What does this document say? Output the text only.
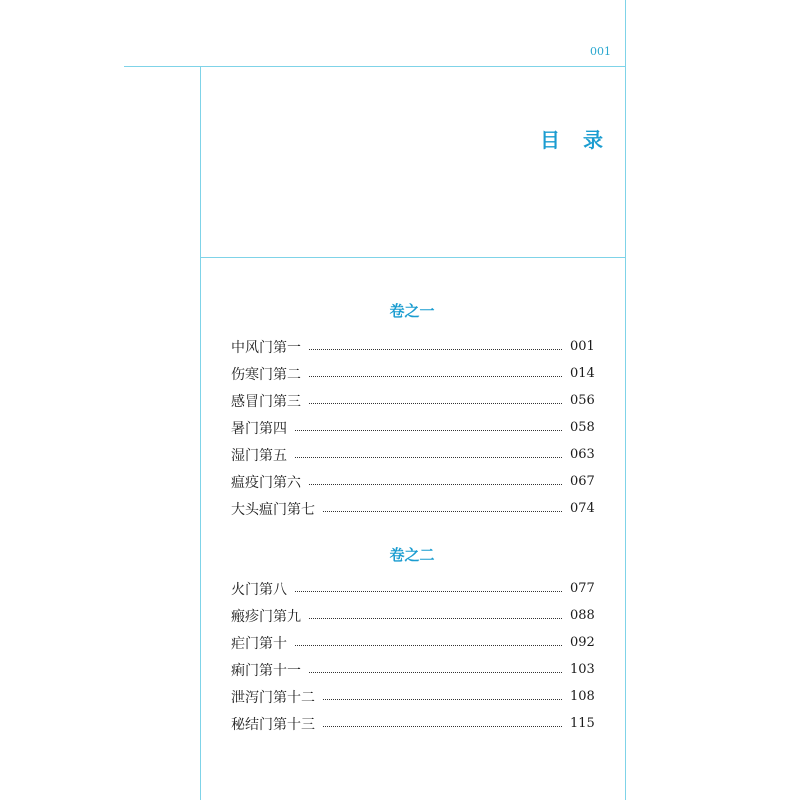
001
目 录
卷之一
中风门第一	001
伤寒门第二	014
感冒门第三	056
暑门第四	058
湿门第五	063
瘟疫门第六	067
大头瘟门第七	074
卷之二
火门第八	077
瘢疹门第九	088
疟门第十	092
痢门第十一	103
泄泻门第十二	108
秘结门第十三	115
